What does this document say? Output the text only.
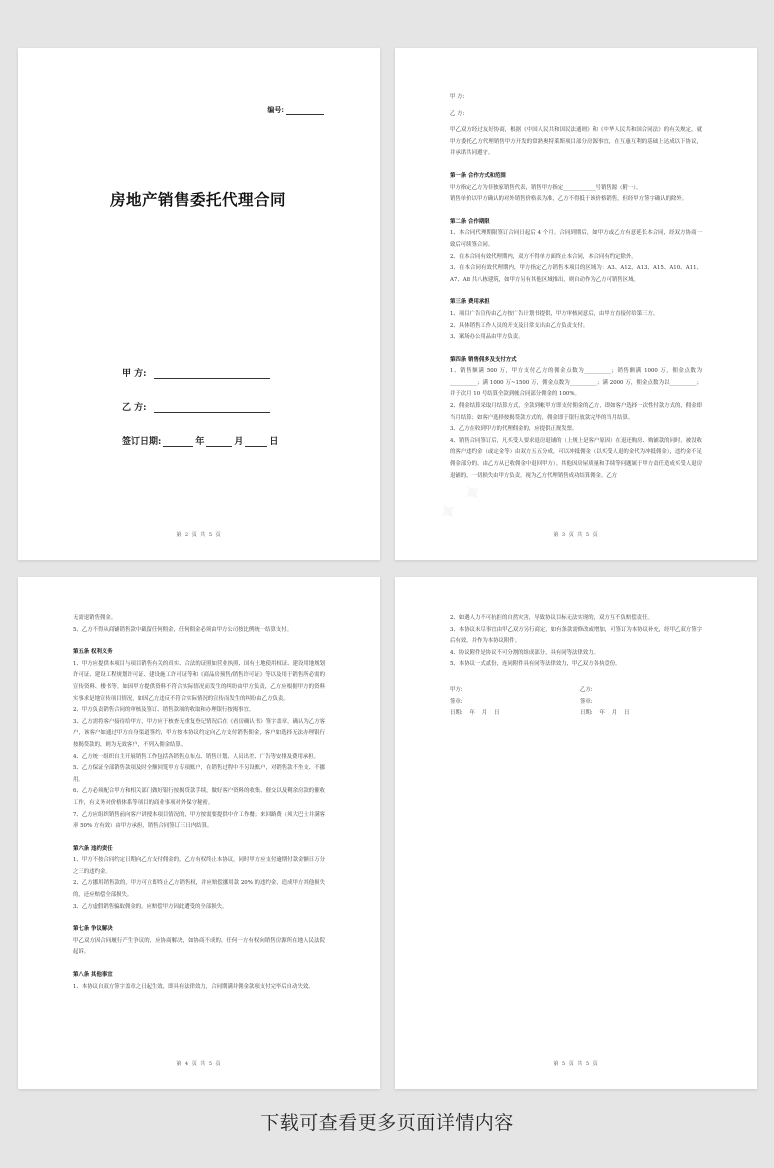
编号:
房地产销售委托代理合同
甲 方:
乙 方:
签订日期:	年	月	日
第 2 页 共 5 页

甲 方:

乙 方:

甲乙双方经过友好协商，根据《中国人民共和国民法通则》和《中华人民共和国合同法》的有关规定，就甲方委托乙方代理销售甲方开发的常熟奥特莱斯项目部分房源事宜，在互惠互利的基础上达成以下协议，并承诺共同遵守。

第一条 合作方式和范围

甲方指定乙方为非独家销售代表，销售甲方指定____________号销售源（附一）。

销售单价以甲方确认的对外销售价格表为准，乙方不得抵于该价格销售，但经甲方签字确认的除外。

第二条 合作期限

1、本合同代理期限签订合同日起后 4 个月。合同到期后，如甲方或乙方有意延长本合同，经双方协商一致后可续签合同。

2、在本合同有效代理期内，双方不得单方面终止本合同，本合同有约定除外。

3、在本合同有效代理期内，甲方指定乙方销售本项目的区域为：A3、A12、A13、A15、A10、A11、A7、A8 共八栋建筑，如甲方另有其他区域推出，则自动作为乙方可销售区域。

第三条 费用承担

1、项目广告宣传由乙方按广告计划书提供，甲方审核同意后，由甲方直接付给第三方。

2、具体销售工作人员的开支及日常支出由乙方负责支付。

3、案场办公用品由甲方负责。

第四条 销售佣多及支付方式

1、销售额满 500 万，甲方支付乙方的佣金点数为__________；销售额满 1000 万，佣金点数为__________；满 1000 万~1500 万，佣金点数为__________；满 2000 万，佣金点数为以__________；并于次月 10 号结算全款到帐合同部分佣金的 100%。

2、佣金结算采取月结算方式，全款到帐甲方即支付佣金的乙方，即如客户选择一次性付款方式的，佣金即当月结算；如客户选择按揭贷款方式的，佣金即于银行放款完毕的当月结算。

3、乙方在收到甲方的代理佣金的，应提供正规发票。

4、销售合同签订后，凡买受人要求退房退铺的（上规上是客户原因）在退还购房、购铺款的同时，被没收的客户违约金（或定金等）由双方五五分成，可以冲抵佣金（以买受人退的金代为冲抵佣金），违约金不足佣金部分的，由乙方从已收佣金中退回甲方）。其他因房屋质量和手续等问题属于甲方责任造成买受人退房退铺的，一切损失由甲方负责，视为乙方代理销售成功结算佣金。乙方

✦ ✦
第 3 页 共 5 页

无需退销售佣金。

5、乙方不得从商铺销售款中截留任何佣金，任何佣金必须由甲方公司按比例统一结算支付。

第五条 权利义务

1、甲方应提供本项目与项目销售有关的真实、合法的证照如营业执照、国有土地使用权证、建设用地规划许可证、建设工程规划许可证、建设施工许可证等和《商品房预售/销售许可证》等以及用于销售所必需的宣传资料、楼书等。如因甲方提供资料不符合实际情况而发生的纠纷由甲方负责，乙方应根据甲方的资料实事求是地宣传项目情况，如因乙方违反不符合实际情况的宣传而发生的纠纷由乙方负责。

2、甲方负责销售合同的审核及签订、销售款项的收取和办理银行按揭事宜。

3、乙方需将客户接待给甲方，甲方应于核查无重复登记情况后在《看房确认书》签字盖章，确认为乙方客户，该客户如通过甲方自身渠道签约，甲方按本协议约定向乙方支付销售佣金，客户如选择无法办理银行按揭贷款的，则为无效客户，不列入佣金结算。

4、乙方统一组织自主开展销售工作包括各销售点布点、销售计划、人员出差、广告等安排及费用承担。

5、乙方保证全部销售款项及时全额回笼甲方专项账户，在销售过程中不另设账户，对销售款不坐支、不挪用。

6、乙方必须配合甲方和相关部门做好银行按揭贷款手续，做好客户资料的收集、催交以及剩余房款的催收工作，有义务对价格体系等项目的商业事项对外保守秘密。

7、乙方应组织销售前向客户讲授本项目情况的，甲方按需要提供中介工作餐；来回路费（须大巴士并满客率 50% 方有效）由甲方承担，销售合同签订三日内结算。

第六条 违约责任

1、甲方不按合同约定日期向乙方支付佣金的，乙方有权终止本协议，同时甲方应支付逾期付款金额日万分之三的违约金。

2、乙方挪用销售款的，甲方可立即终止乙方销售权，并应赔偿挪用款 20% 的违约金，造成甲方其他损失的，还应赔偿全部损失。

3、乙方虚假销售骗取佣金的，应赔偿甲方因此遭受的全部损失。

第七条 争议解决

甲乙双方因合同履行产生争议的，应协商解决，如协商不成的，任何一方有权向销售房源所在地人民法院起诉。

第八条 其他事宜

1、本协议自双方签字盖章之日起生效，即具有法律效力，合同期满并佣金款项支付完毕后自动失效。

第 4 页 共 5 页

2、如遇人力不可抗拒的自然灾害，导致协议目标无法实现的，双方互不负赔偿责任。

3、本协议未尽事宜由甲乙双方另行商定，如有条款需修改或增加，可签订为本协议补充，经甲乙双方签字后有效，并作为本协议附件。

4、协议附件是协议不可分割的组成部分，具有同等法律效力。

5、本协议一式贰份，连同附件具有同等法律效力，甲乙双方各执壹份。

甲方:	乙方:
签章:	签章:
日期:    年    月    日	日期:    年    月    日
第 5 页 共 5 页
下载可查看更多页面详情内容
